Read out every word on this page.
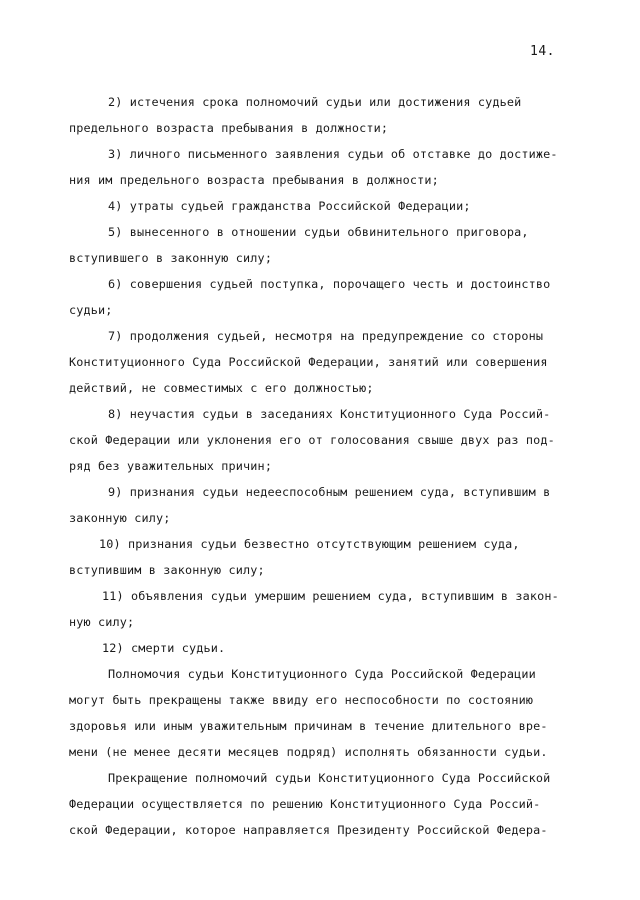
14.
2) истечения срока полномочий судьи или достижения судьей
предельного возраста пребывания в должности;
3) личного письменного заявления судьи об отставке до достиже-
ния им предельного возраста пребывания в должности;
4) утраты судьей гражданства Российской Федерации;
5) вынесенного в отношении судьи обвинительного приговора,
вступившего в законную силу;
6) совершения судьей поступка, порочащего честь и достоинство
судьи;
7) продолжения судьей, несмотря на предупреждение со стороны
Конституционного Суда Российской Федерации, занятий или совершения
действий, не совместимых с его должностью;
8) неучастия судьи в заседаниях Конституционного Суда Россий-
ской Федерации или уклонения его от голосования свыше двух раз под-
ряд без уважительных причин;
9) признания судьи недееспособным решением суда, вступившим в
законную силу;
10) признания судьи безвестно отсутствующим решением суда,
вступившим в законную силу;
11) объявления судьи умершим решением суда, вступившим в закон-
ную силу;
12) смерти судьи.
Полномочия судьи Конституционного Суда Российской Федерации
могут быть прекращены также ввиду его неспособности по состоянию
здоровья или иным уважительным причинам в течение длительного вре-
мени (не менее десяти месяцев подряд) исполнять обязанности судьи.
Прекращение полномочий судьи Конституционного Суда Российской
Федерации осуществляется по решению Конституционного Суда Россий-
ской Федерации, которое направляется Президенту Российской Федера-
